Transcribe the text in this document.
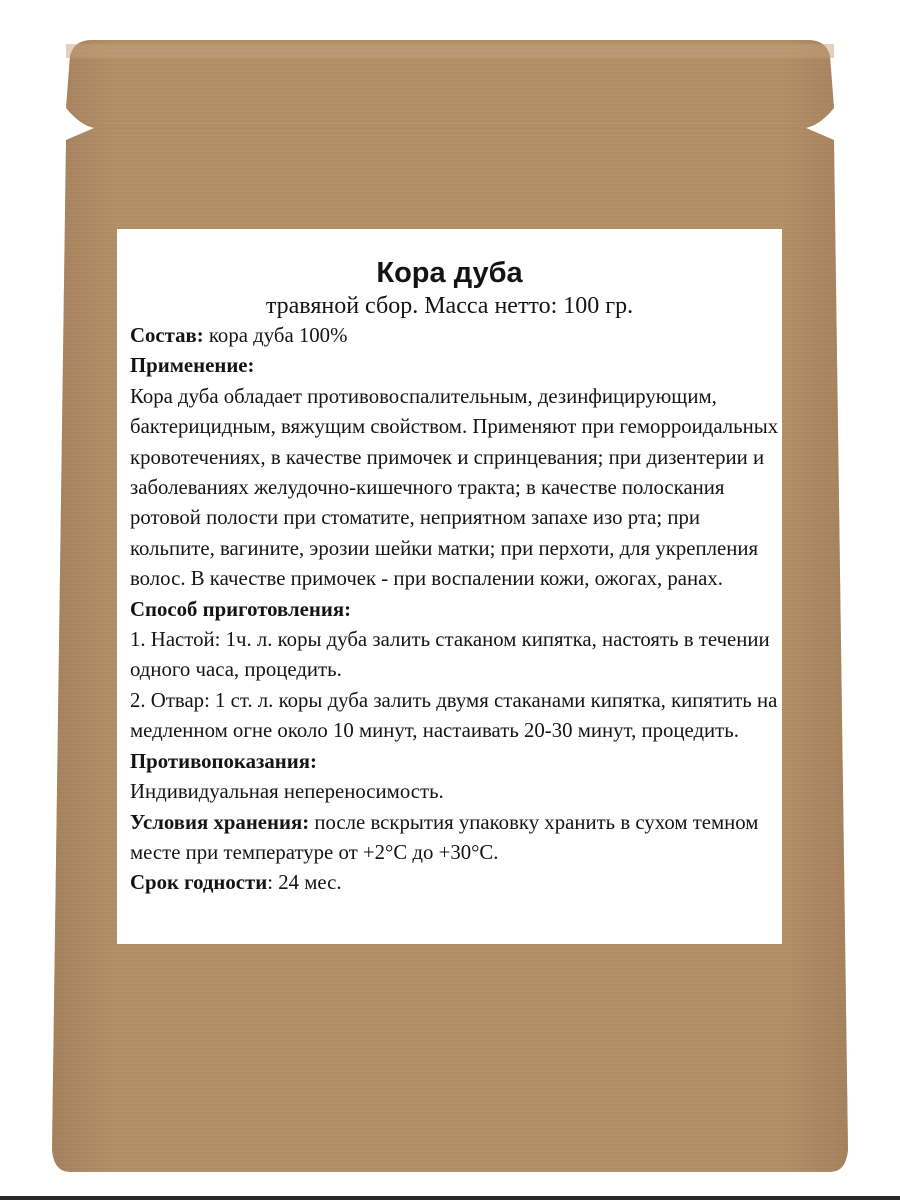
Кора дуба

травяной сбор. Масса нетто: 100 гр.

Состав: кора дуба 100%

Применение:

Кора дуба обладает противовоспалительным, дезинфицирующим, бактерицидным, вяжущим свойством. Применяют при геморроидальных кровотечениях, в качестве примочек и спринцевания; при дизентерии и заболеваниях желудочно-кишечного тракта; в качестве полоскания ротовой полости при стоматите, неприятном запахе изо рта; при кольпите, вагините, эрозии шейки матки; при перхоти, для укрепления волос. В качестве примочек - при воспалении кожи, ожогах, ранах.

Способ приготовления:

1. Настой: 1ч. л. коры дуба залить стаканом кипятка, настоять в течении одного часа, процедить.

2. Отвар: 1 ст. л. коры дуба залить двумя стаканами кипятка, кипятить на медленном огне около 10 минут, настаивать 20-30 минут, процедить.

Противопоказания:

Индивидуальная непереносимость.

Условия хранения: после вскрытия упаковку хранить в сухом темном месте при температуре от +2°С до +30°С.

Срок годности: 24 мес.
